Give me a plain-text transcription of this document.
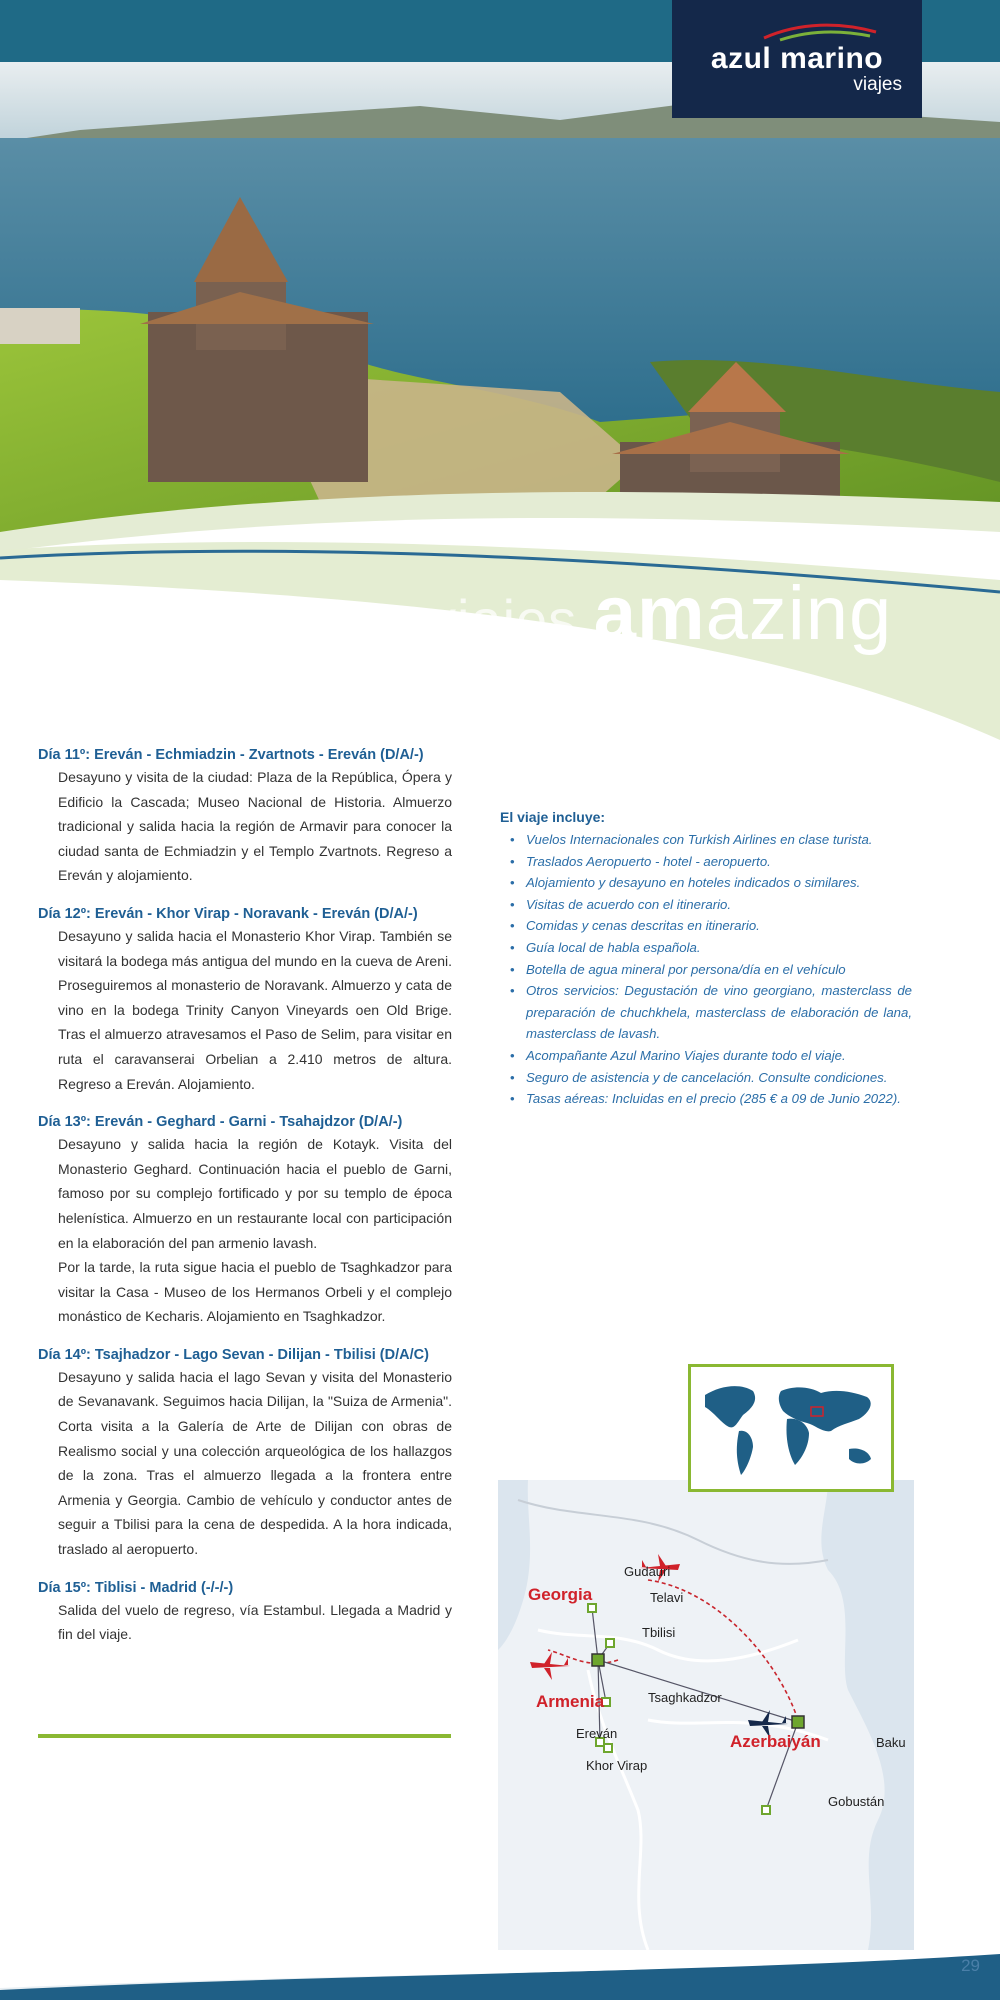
azul marino
viajes
viajes amazing
Día 11º: Ereván - Echmiadzin - Zvartnots - Ereván (D/A/-)
Desayuno y visita de la ciudad: Plaza de la República, Ópera y Edificio la Cascada; Museo Nacional de Historia. Almuerzo tradicional y salida hacia la región de Armavir para conocer la ciudad santa de Echmiadzin y el Templo Zvartnots. Regreso a Ereván y alojamiento.
Día 12º: Ereván - Khor Virap - Noravank - Ereván (D/A/-)
Desayuno y salida hacia el Monasterio Khor Virap. También se visitará la bodega más antigua del mundo en la cueva de Areni. Proseguiremos al monasterio de Noravank. Almuerzo y cata de vino en la bodega Trinity Canyon Vineyards oen Old Brige. Tras el almuerzo atravesamos el Paso de Selim, para visitar en ruta el caravanserai Orbelian a 2.410 metros de altura. Regreso a Ereván. Alojamiento.
Día 13º: Ereván - Geghard - Garni - Tsahajdzor (D/A/-)
Desayuno y salida hacia la región de Kotayk. Visita del Monasterio Geghard. Continuación hacia el pueblo de Garni, famoso por su complejo fortificado y por su templo de época helenística. Almuerzo en un restaurante local con participación en la elaboración del pan armenio lavash.
Por la tarde, la ruta sigue hacia el pueblo de Tsaghkadzor para visitar la Casa - Museo de los Hermanos Orbeli y el complejo monástico de Kecharis. Alojamiento en Tsaghkadzor.
Día 14º: Tsajhadzor - Lago Sevan - Dilijan - Tbilisi (D/A/C)
Desayuno y salida hacia el lago Sevan y visita del Monasterio de Sevanavank. Seguimos hacia Dilijan, la "Suiza de Armenia". Corta visita a la Galería de Arte de Dilijan con obras de Realismo social y una colección arqueológica de los hallazgos de la zona. Tras el almuerzo llegada a la frontera entre Armenia y Georgia. Cambio de vehículo y conductor antes de seguir a Tbilisi para la cena de despedida. A la hora indicada, traslado al aeropuerto.
Día 15º: Tiblisi - Madrid (-/-/-)
Salida del vuelo de regreso, vía Estambul. Llegada a Madrid y fin del viaje.
El viaje incluye:
• Vuelos Internacionales con Turkish Airlines en clase turista.
• Traslados Aeropuerto - hotel - aeropuerto.
• Alojamiento y desayuno en hoteles indicados o similares.
• Visitas de acuerdo con el itinerario.
• Comidas y cenas descritas en itinerario.
• Guía local de habla española.
• Botella de agua mineral por persona/día en el vehículo
• Otros servicios: Degustación de vino georgiano, masterclass de preparación de chuchkhela, masterclass de elaboración de lana, masterclass de lavash.
• Acompañante Azul Marino Viajes durante todo el viaje.
• Seguro de asistencia y de cancelación. Consulte condiciones.
• Tasas aéreas: Incluidas en el precio (285 € a 09 de Junio 2022).
Georgia
Armenia
Azerbaiyán
Gudauri
Telavi
Tbilisi
Tsaghkadzor
Ereván
Khor Virap
Baku
Gobustán
29
